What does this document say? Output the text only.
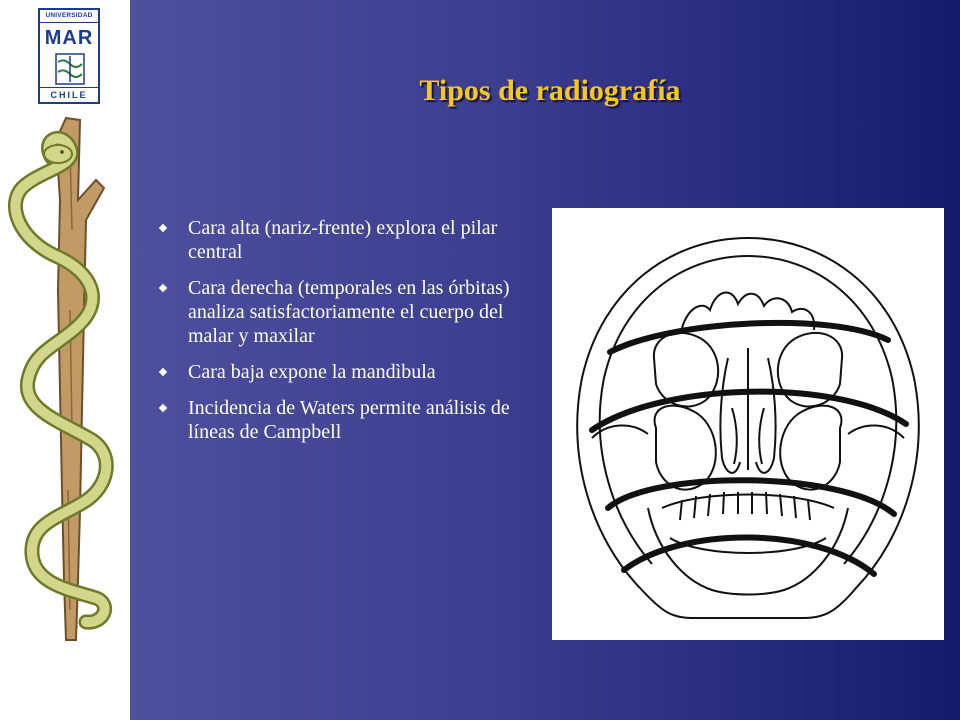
UNIVERSIDAD
MAR
CHILE	Tipos de radiografía
Cara alta (nariz-frente) explora el pilar central
Cara derecha (temporales en las órbitas) analiza satisfactoriamente el cuerpo del malar y maxilar
Cara baja expone la mandìbula
Incidencia de Waters permite análisis de líneas de Campbell
